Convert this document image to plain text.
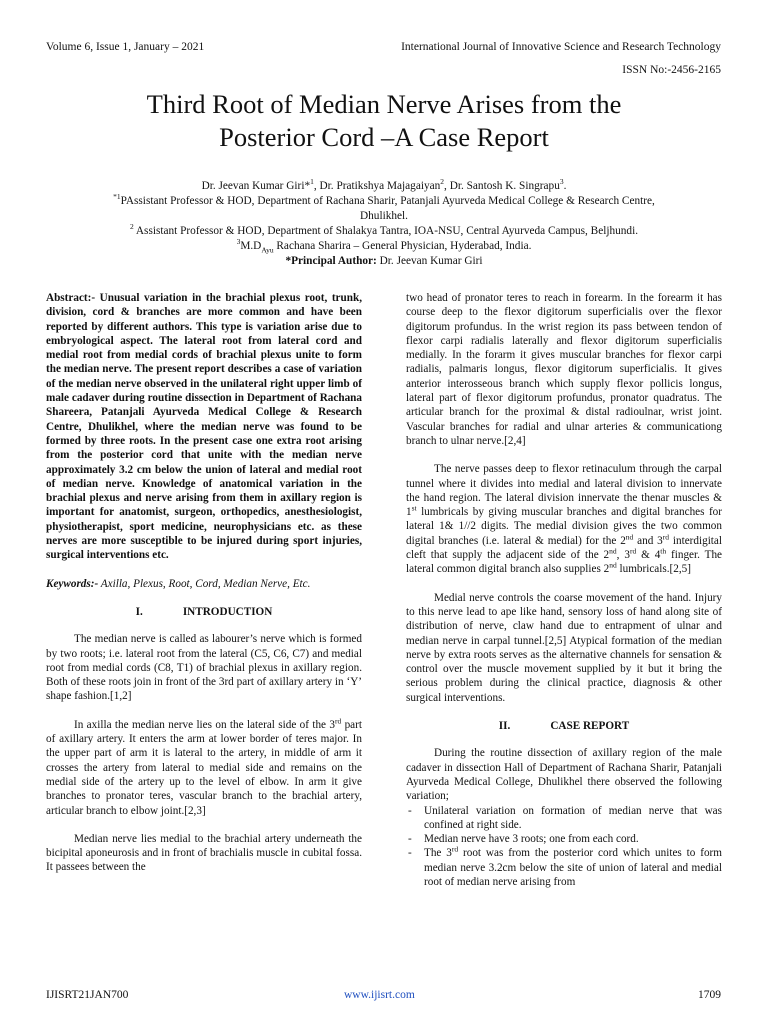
Volume 6, Issue 1, January – 2021	International Journal of Innovative Science and Research Technology
ISSN No:-2456-2165
Third Root of Median Nerve Arises from the
Posterior Cord –A Case Report
Dr. Jeevan Kumar Giri*$^1$, Dr. Pratikshya Majagaiyan$^2$, Dr. Santosh K. Singrapu$^3$.
$^{*1}$PAssistant Professor & HOD, Department of Rachana Sharir, Patanjali Ayurveda Medical College & Research Centre,
Dhulikhel.
$^2$ Assistant Professor & HOD, Department of Shalakya Tantra, IOA-NSU, Central Ayurveda Campus, Beljhundi.
$^3M.D_{Ayu}$ Rachana Sharira – General Physician, Hyderabad, India.
*Principal Author: Dr. Jeevan Kumar Giri

Abstract:- Unusual variation in the brachial plexus root, trunk, division, cord & branches are more common and have been reported by different authors. This type is variation arise due to embryological aspect. The lateral root from lateral cord and medial root from medial cords of brachial plexus unite to form the median nerve. The present report describes a case of variation of the median nerve observed in the unilateral right upper limb of male cadaver during routine dissection in Department of Rachana Shareera, Patanjali Ayurveda Medical College & Research Centre, Dhulikhel, where the median nerve was found to be formed by three roots. In the present case one extra root arising from the posterior cord that unite with the median nerve approximately 3.2 cm below the union of lateral and medial root of median nerve. Knowledge of anatomical variation in the brachial plexus and nerve arising from them in axillary region is important for anatomist, surgeon, orthopedics, anesthesiologist, physiotherapist, sport medicine, neurophysicians etc. as these nerves are more susceptible to be injured during sport injuries, surgical interventions etc.

Keywords:- Axilla, Plexus, Root, Cord, Median Nerve, Etc.

I.	INTRODUCTION

The median nerve is called as labourer’s nerve which is formed by two roots; i.e. lateral root from the lateral (C5, C6, C7) and medial root from medial cords (C8, T1) of brachial plexus in axillary region. Both of these roots join in front of the 3rd part of axillary artery in ‘Y’ shape fashion.[1,2]

In axilla the median nerve lies on the lateral side of the 3rd part of axillary artery. It enters the arm at lower border of teres major. In the upper part of arm it is lateral to the artery, in middle of arm it crosses the artery from lateral to medial side and remains on the medial side of the artery up to the level of elbow. In arm it give branches to pronator teres, vascular branch to the brachial artery, articular branch to elbow joint.[2,3]

Median nerve lies medial to the brachial artery underneath the bicipital aponeurosis and in front of brachialis muscle in cubital fossa. It passees between the

two head of pronator teres to reach in forearm. In the forearm it has course deep to the flexor digitorum superficialis over the flexor digitorum profundus. In the wrist region its pass between tendon of flexor carpi radialis laterally and flexor digitorum superficialis medially. In the forarm it gives muscular branches for flexor carpi radialis, palmaris longus, flexor digitorum superficialis. It gives anterior interosseous branch which supply flexor pollicis longus, lateral part of flexor digitorum profundus, pronator quadratus. The articular branch for the proximal & distal radioulnar, wrist joint. Vascular branches for radial and ulnar arteries & communicationg branch to ulnar nerve.[2,4]

The nerve passes deep to flexor retinaculum through the carpal tunnel where it divides into medial and lateral division to innervate the hand region. The lateral division innervate the thenar muscles & 1st lumbricals by giving muscular branches and digital branches for lateral 1& 1//2 digits. The medial division gives the two common digital branches (i.e. lateral & medial) for the 2nd and 3rd interdigital cleft that supply the adjacent side of the 2nd, 3rd & 4th finger. The lateral common digital branch also supplies 2nd lumbricals.[2,5]

Medial nerve controls the coarse movement of the hand. Injury to this nerve lead to ape like hand, sensory loss of hand along site of distribution of nerve, claw hand due to entrapment of ulnar and median nerve in carpal tunnel.[2,5] Atypical formation of the median nerve by extra roots serves as the alternative channels for sensation & control over the muscle movement supplied by it but it bring the serious problem during the clinical practice, diagnosis & other surgical interventions.

II.	CASE REPORT

During the routine dissection of axillary region of the male cadaver in dissection Hall of Department of Rachana Sharir, Patanjali Ayurveda Medical College, Dhulikhel there observed the following variation;

- Unilateral variation on formation of median nerve that was confined at right side.
- Median nerve have 3 roots; one from each cord.
- The 3rd root was from the posterior cord which unites to form median nerve 3.2cm below the site of union of lateral and medial root of median nerve arising from
IJISRT21JAN700	www.ijisrt.com	1709
